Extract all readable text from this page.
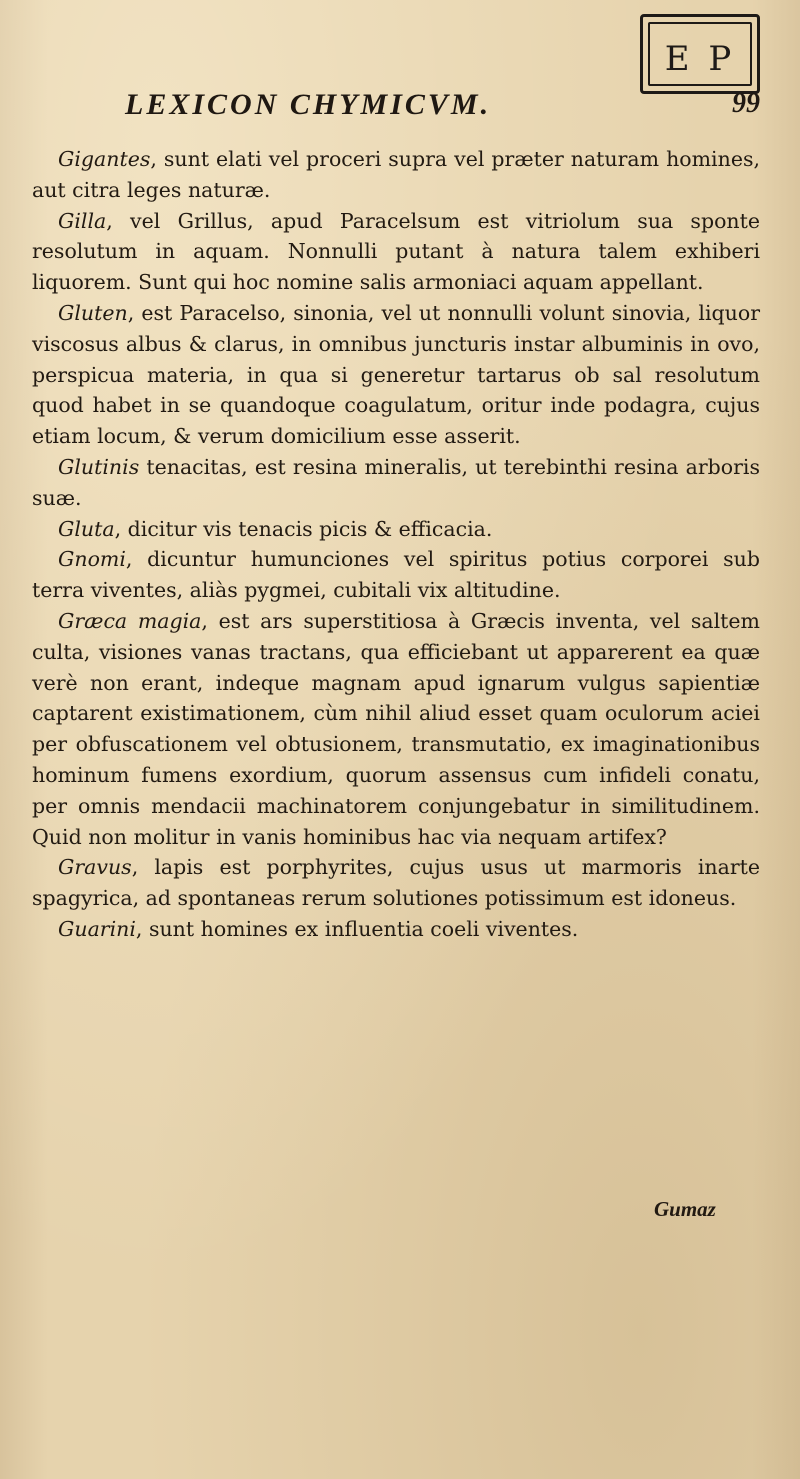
E P
LEXICON CHYMICVM.	99

Gigantes, sunt elati vel proceri supra vel præter naturam homines, aut citra leges naturæ.

Gilla, vel Grillus, apud Paracelsum est vitriolum sua sponte resolutum in aquam. Nonnulli putant à natura talem exhiberi liquorem. Sunt qui hoc nomine salis armoniaci aquam appellant.

Gluten, est Paracelso, sinonia, vel ut nonnulli volunt sinovia, liquor viscosus albus & clarus, in omnibus juncturis instar albuminis in ovo, perspicua materia, in qua si generetur tartarus ob sal resolutum quod habet in se quandoque coagulatum, oritur inde podagra, cujus etiam locum, & verum domicilium esse asserit.

Glutinis tenacitas, est resina mineralis, ut terebinthi resina arboris suæ.

Gluta, dicitur vis tenacis picis & efficacia.

Gnomi, dicuntur humunciones vel spiritus potius corporei sub terra viventes, aliàs pygmei, cubitali vix altitudine.

Græca magia, est ars superstitiosa à Græcis inventa, vel saltem culta, visiones vanas tractans, qua efficiebant ut apparerent ea quæ verè non erant, indeque magnam apud ignarum vulgus sapientiæ captarent existimationem, cùm nihil aliud esset quam oculorum aciei per obfuscationem vel obtusionem, transmutatio, ex imaginationibus hominum fumens exordium, quorum assensus cum infideli conatu, per omnis mendacii machinatorem conjungebatur in similitudinem. Quid non molitur in vanis hominibus hac via nequam artifex?

Gravus, lapis est porphyrites, cujus usus ut marmoris inarte spagyrica, ad spontaneas rerum solutiones potissimum est idoneus.

Guarini, sunt homines ex influentia coeli viventes.

Gumaz
